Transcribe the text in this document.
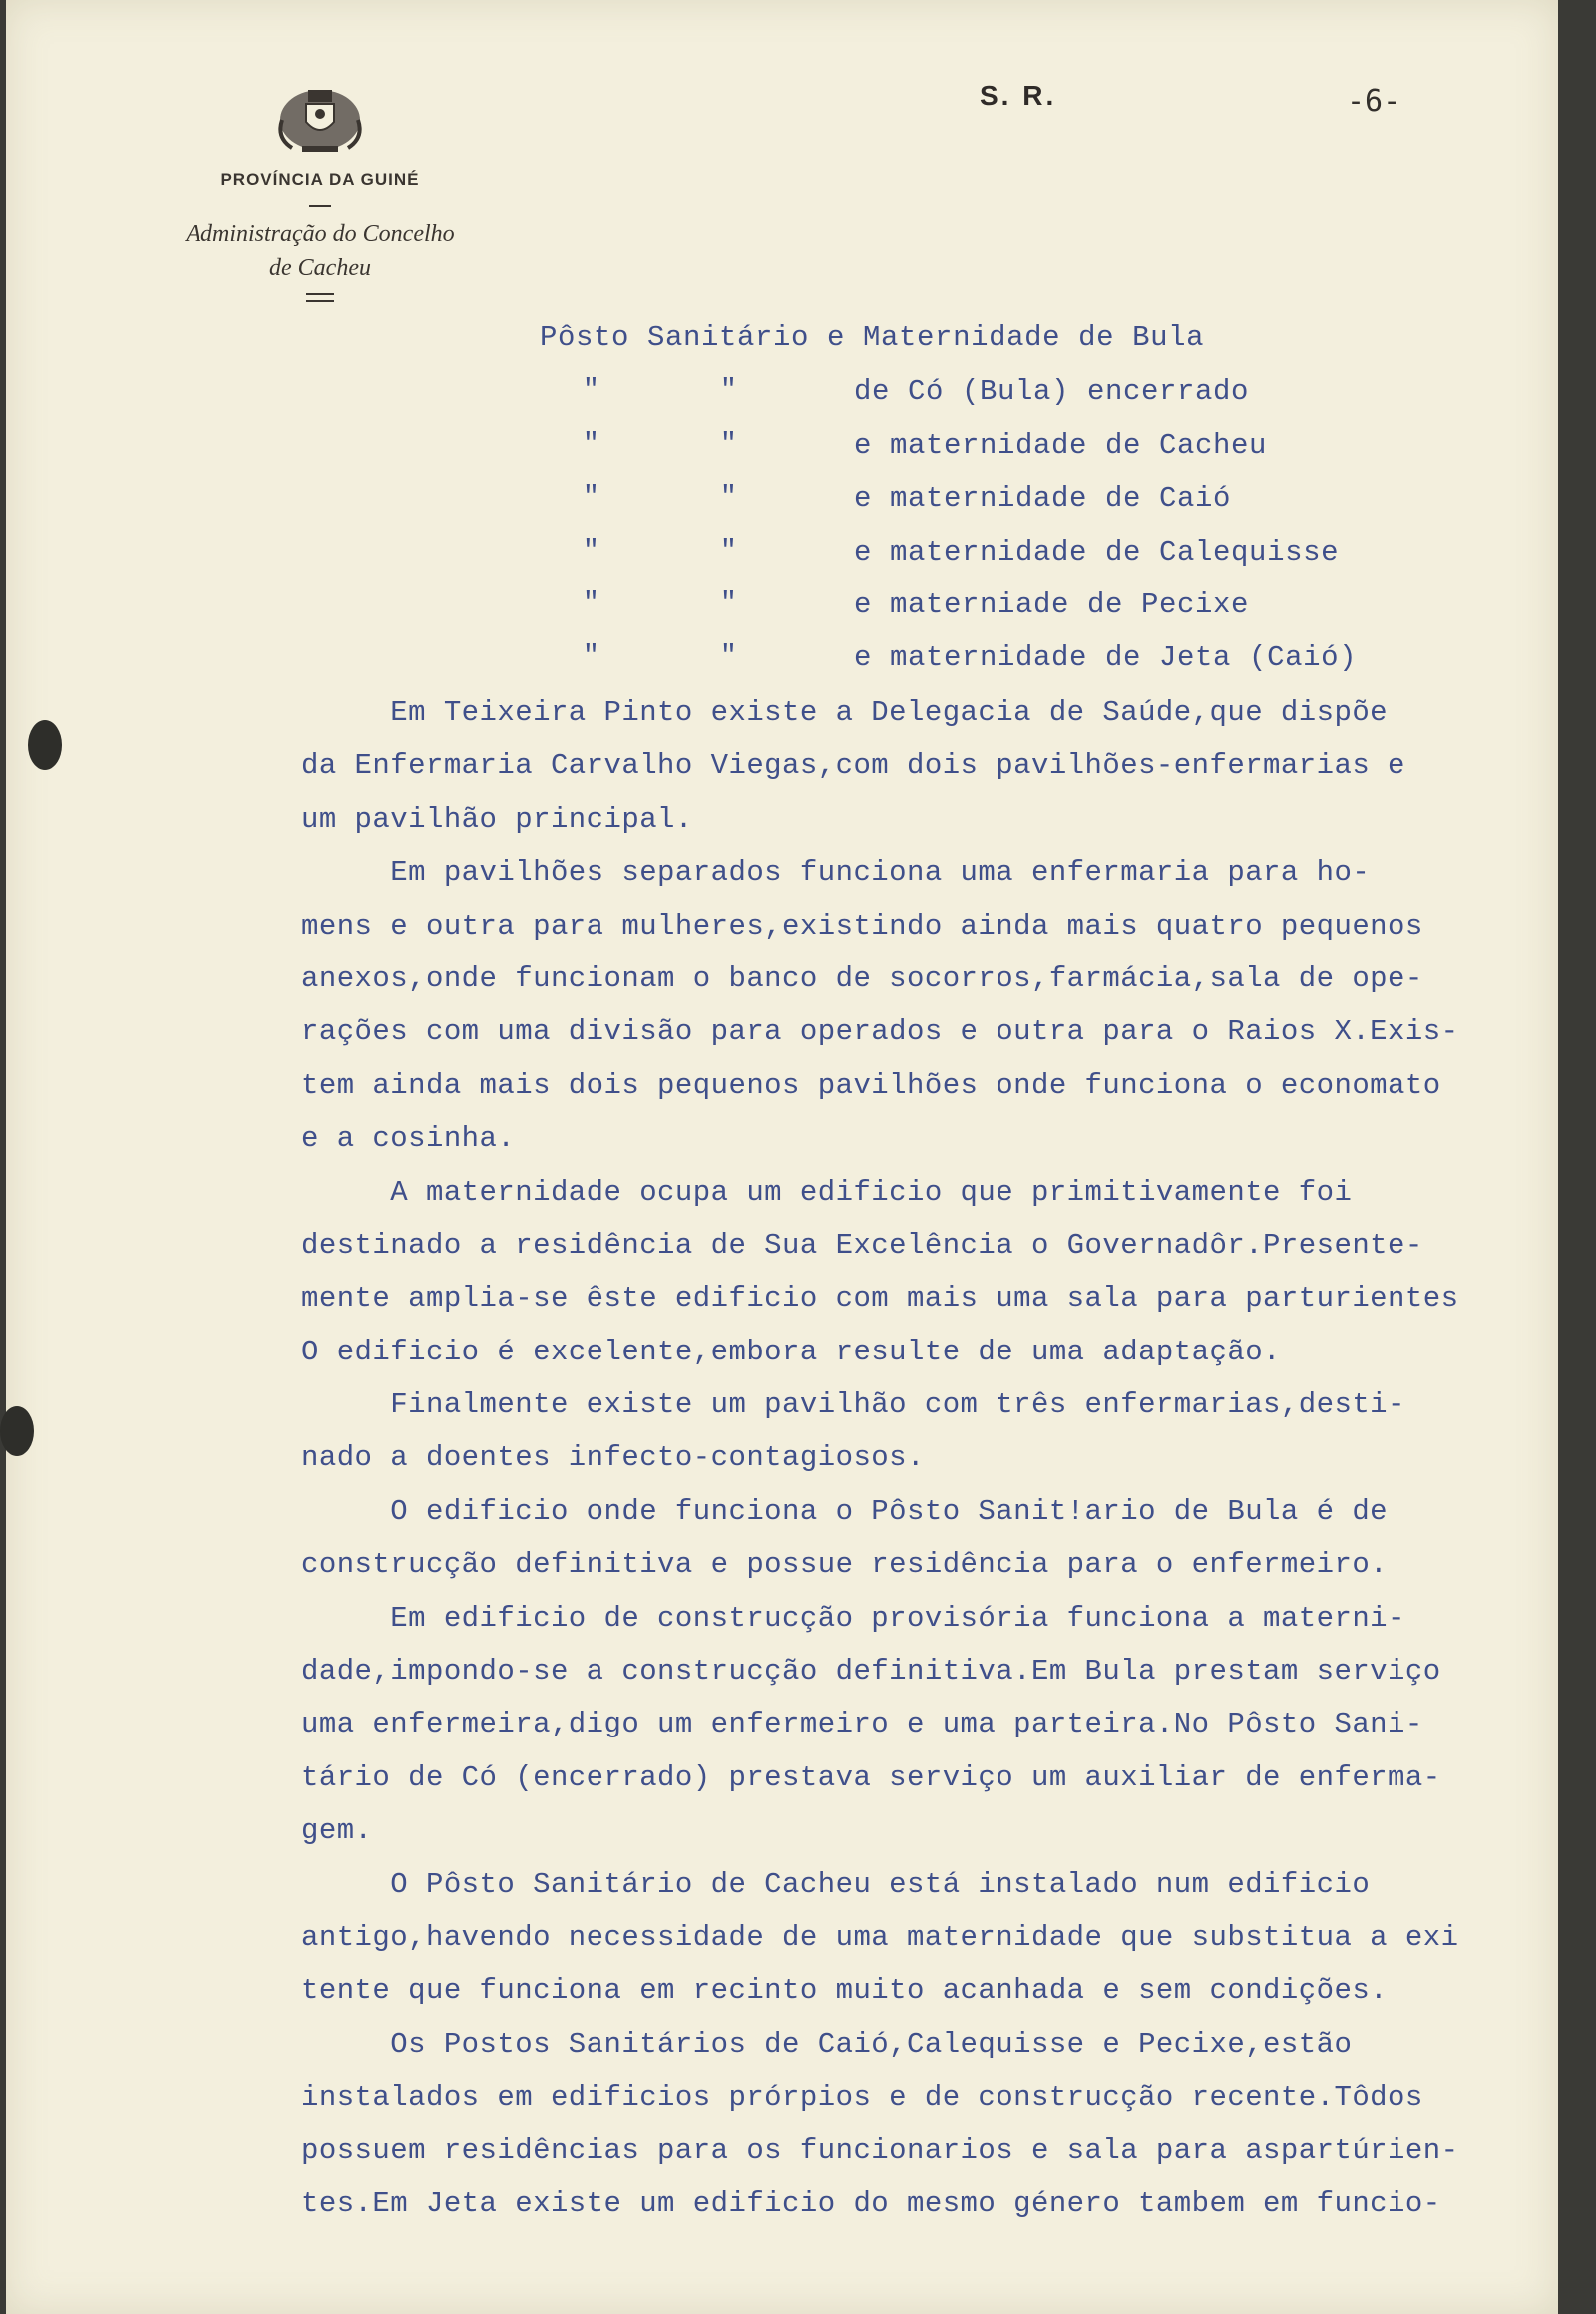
PROVÍNCIA DA GUINÉ
Administração do Concelho
de Cacheu
S. R.	-6-
Pôsto Sanitário e Maternidade de Bula
"	"	de Có (Bula) encerrado
"	"	e maternidade de Cacheu
"	"	e maternidade de Caió
"	"	e maternidade de Calequisse
"	"	e materniade de Pecixe
"	"	e maternidade de Jeta (Caió)
Em Teixeira Pinto existe a Delegacia de Saúde,que dispõe
da Enfermaria Carvalho Viegas,com dois pavilhões-enfermarias e
um pavilhão principal.
Em pavilhões separados funciona uma enfermaria para ho-
mens e outra para mulheres,existindo ainda mais quatro pequenos
anexos,onde funcionam o banco de socorros,farmácia,sala de ope-
rações com uma divisão para operados e outra para o Raios X.Exis-
tem ainda mais dois pequenos pavilhões onde funciona o economato
e a cosinha.
A maternidade ocupa um edificio que primitivamente foi
destinado a residência de Sua Excelência o Governadôr.Presente-
mente amplia-se êste edificio com mais uma sala para parturientes
O edificio é excelente,embora resulte de uma adaptação.
Finalmente existe um pavilhão com três enfermarias,desti-
nado a doentes infecto-contagiosos.
O edificio onde funciona o Pôsto Sanit!ario de Bula é de
construcção definitiva e possue residência para o enfermeiro.
Em edificio de construcção provisória funciona a materni-
dade,impondo-se a construcção definitiva.Em Bula prestam serviço
uma enfermeira,digo um enfermeiro e uma parteira.No Pôsto Sani-
tário de Có (encerrado) prestava serviço um auxiliar de enferma-
gem.
O Pôsto Sanitário de Cacheu está instalado num edificio
antigo,havendo necessidade de uma maternidade que substitua a exi
tente que funciona em recinto muito acanhada e sem condições.
Os Postos Sanitários de Caió,Calequisse e Pecixe,estão
instalados em edificios prórpios e de construcção recente.Tôdos
possuem residências para os funcionarios e sala para aspartúrien-
tes.Em Jeta existe um edificio do mesmo género tambem em funcio-
